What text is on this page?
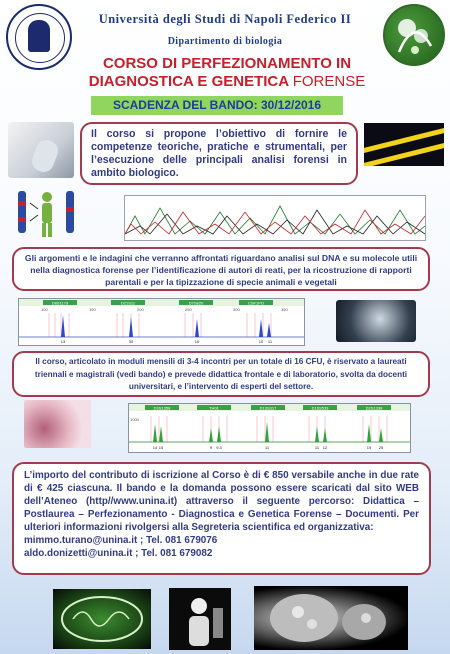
Università degli Studi di Napoli Federico II
Dipartimento di biologia
CORSO DI PERFEZIONAMENTO IN
DIAGNOSTICA E GENETICA FORENSE
SCADENZA DEL BANDO: 30/12/2016
Il corso si propone l’obiettivo di fornire le competenze teoriche, pratiche e strumentali, per l’esecuzione delle principali analisi forensi in ambito biologico.
Gli argomenti e le indagini che verranno affrontati riguardano analisi sul DNA e su molecole utili nella diagnostica forense per l’identificazione di autori di reati, per la ricostruzione di rapporti parentali e per la tipizzazione di specie animali e vegetali
D8S1179	D21S11	D7S820	CSF1PO
100	150	200	250	300	350
13	30	10	10 11
Il corso, articolato in moduli mensili di 3-4 incontri per un totale di 16 CFU, è riservato a laureati triennali e magistrali (vedi bando) e prevede didattica frontale e di laboratorio, svolta da docenti universitari, e l’intervento di esperti del settore.
D3S1358	TH01	D13S317	D16S539	D2S1338
1000
14 15	9 9.3	11	11 12	19 25
L’importo del contributo di iscrizione al Corso è di € 850 versabile anche in due rate di € 425 ciascuna. Il bando e la domanda possono essere scaricati dal sito WEB dell’Ateneo (http//www.unina.it) attraverso il seguente percorso: Didattica – Postlaurea – Perfezionamento - Diagnostica e Genetica Forense – Documenti. Per ulteriori informazioni rivolgersi alla Segreteria scientifica ed organizzativa:
mimmo.turano@unina.it ; Tel. 081 679076
aldo.donizetti@unina.it ; Tel. 081 679082
